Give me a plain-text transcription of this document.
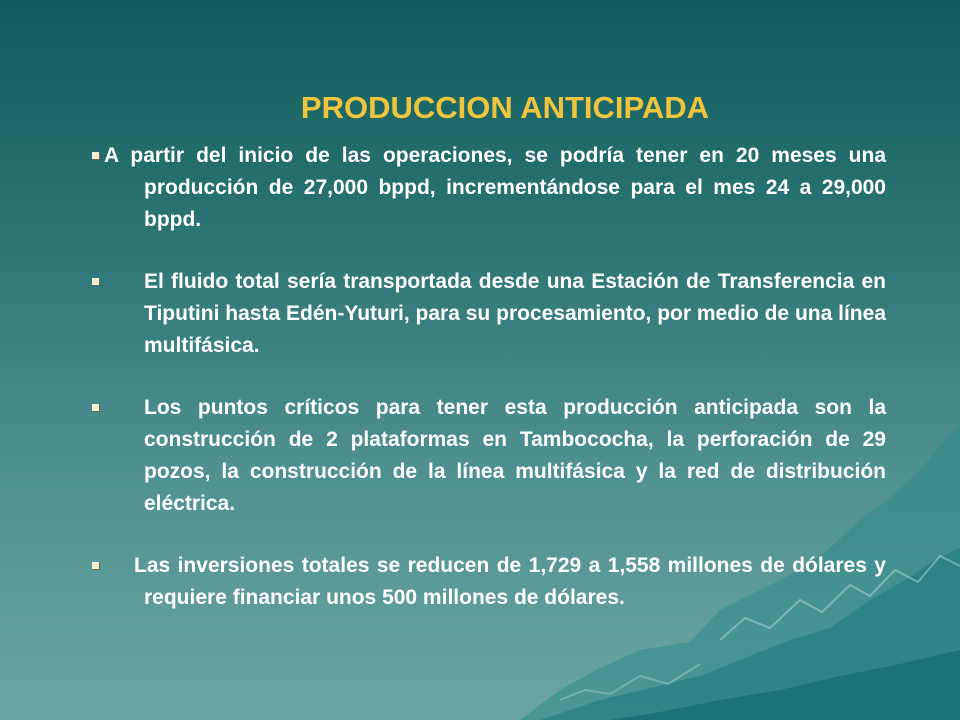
PRODUCCION ANTICIPADA
A partir del inicio de las operaciones, se podría tener en 20 meses una producción de 27,000 bppd, incrementándose para el mes 24 a 29,000 bppd.
El fluido total sería transportada desde una Estación de Transferencia en Tiputini hasta Edén-Yuturi, para su procesamiento, por medio de una línea multifásica.
Los puntos críticos para tener esta producción anticipada son la construcción de 2 plataformas en Tambococha, la perforación de 29 pozos, la construcción de la línea multifásica y la red de distribución eléctrica.
Las inversiones totales se reducen de 1,729 a 1,558 millones de dólares y requiere financiar unos 500 millones de dólares.
